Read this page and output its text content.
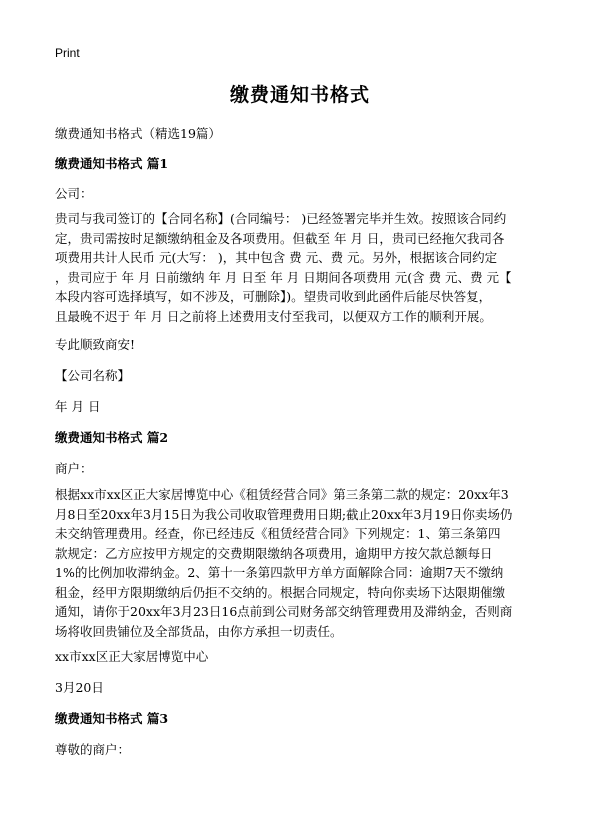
Print
缴费通知书格式
缴费通知书格式（精选19篇）
缴费通知书格式 篇1
公司：
贵司与我司签订的【合同名称】(合同编号： )已经签署完毕并生效。按照该合同约
定，贵司需按时足额缴纳租金及各项费用。但截至 年 月 日，贵司已经拖欠我司各
项费用共计人民币 元(大写： )，其中包含 费 元、费 元。另外，根据该合同约定
，贵司应于 年 月 日前缴纳 年 月 日至 年 月 日期间各项费用 元(含 费 元、费 元【
本段内容可选择填写，如不涉及，可删除】)。望贵司收到此函件后能尽快答复，
且最晚不迟于 年 月 日之前将上述费用支付至我司，以便双方工作的顺利开展。
专此顺致商安!
【公司名称】
年 月 日
缴费通知书格式 篇2
商户：
根据xx市xx区正大家居博览中心《租赁经营合同》第三条第二款的规定：20xx年3
月8日至20xx年3月15日为我公司收取管理费用日期;截止20xx年3月19日你卖场仍
未交纳管理费用。经查，你已经违反《租赁经营合同》下列规定：1、第三条第四
款规定：乙方应按甲方规定的交费期限缴纳各项费用，逾期甲方按欠款总额每日
1%的比例加收滞纳金。2、第十一条第四款甲方单方面解除合同：逾期7天不缴纳
租金，经甲方限期缴纳后仍拒不交纳的。根据合同规定，特向你卖场下达限期催缴
通知，请你于20xx年3月23日16点前到公司财务部交纳管理费用及滞纳金，否则商
场将收回贵铺位及全部货品，由你方承担一切责任。
xx市xx区正大家居博览中心
3月20日
缴费通知书格式 篇3
尊敬的商户：
